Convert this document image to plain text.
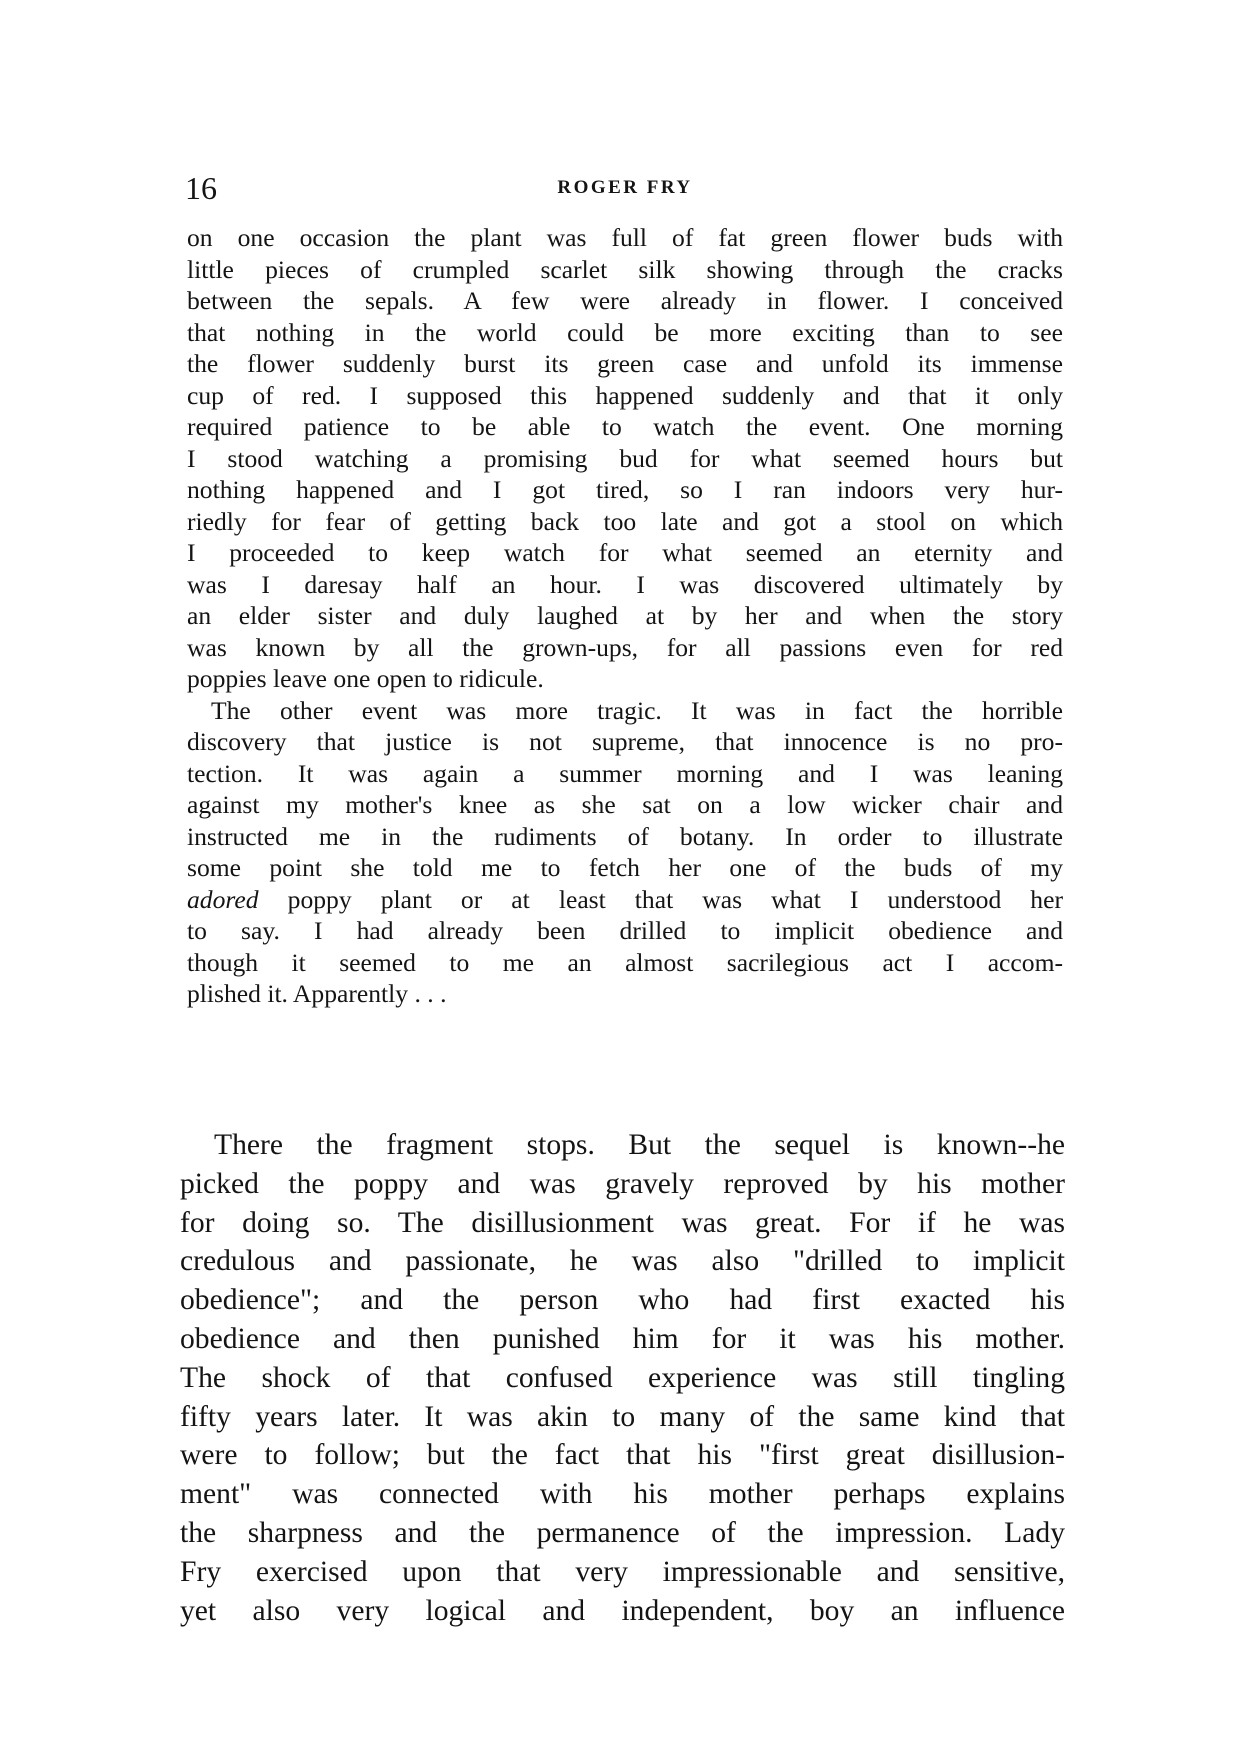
16	ROGER FRY
on one occasion the plant was full of fat green flower buds with
little pieces of crumpled scarlet silk showing through the cracks
between the sepals. A few were already in flower. I conceived
that nothing in the world could be more exciting than to see
the flower suddenly burst its green case and unfold its immense
cup of red. I supposed this happened suddenly and that it only
required patience to be able to watch the event. One morning
I stood watching a promising bud for what seemed hours but
nothing happened and I got tired, so I ran indoors very hur-
riedly for fear of getting back too late and got a stool on which
I proceeded to keep watch for what seemed an eternity and
was I daresay half an hour. I was discovered ultimately by
an elder sister and duly laughed at by her and when the story
was known by all the grown-ups, for all passions even for red
poppies leave one open to ridicule.
The other event was more tragic. It was in fact the horrible
discovery that justice is not supreme, that innocence is no pro-
tection. It was again a summer morning and I was leaning
against my mother's knee as she sat on a low wicker chair and
instructed me in the rudiments of botany. In order to illustrate
some point she told me to fetch her one of the buds of my
adored poppy plant or at least that was what I understood her
to say. I had already been drilled to implicit obedience and
though it seemed to me an almost sacrilegious act I accom-
plished it. Apparently . . .
There the fragment stops. But the sequel is known--he
picked the poppy and was gravely reproved by his mother
for doing so. The disillusionment was great. For if he was
credulous and passionate, he was also "drilled to implicit
obedience"; and the person who had first exacted his
obedience and then punished him for it was his mother.
The shock of that confused experience was still tingling
fifty years later. It was akin to many of the same kind that
were to follow; but the fact that his "first great disillusion-
ment" was connected with his mother perhaps explains
the sharpness and the permanence of the impression. Lady
Fry exercised upon that very impressionable and sensitive,
yet also very logical and independent, boy an influence
